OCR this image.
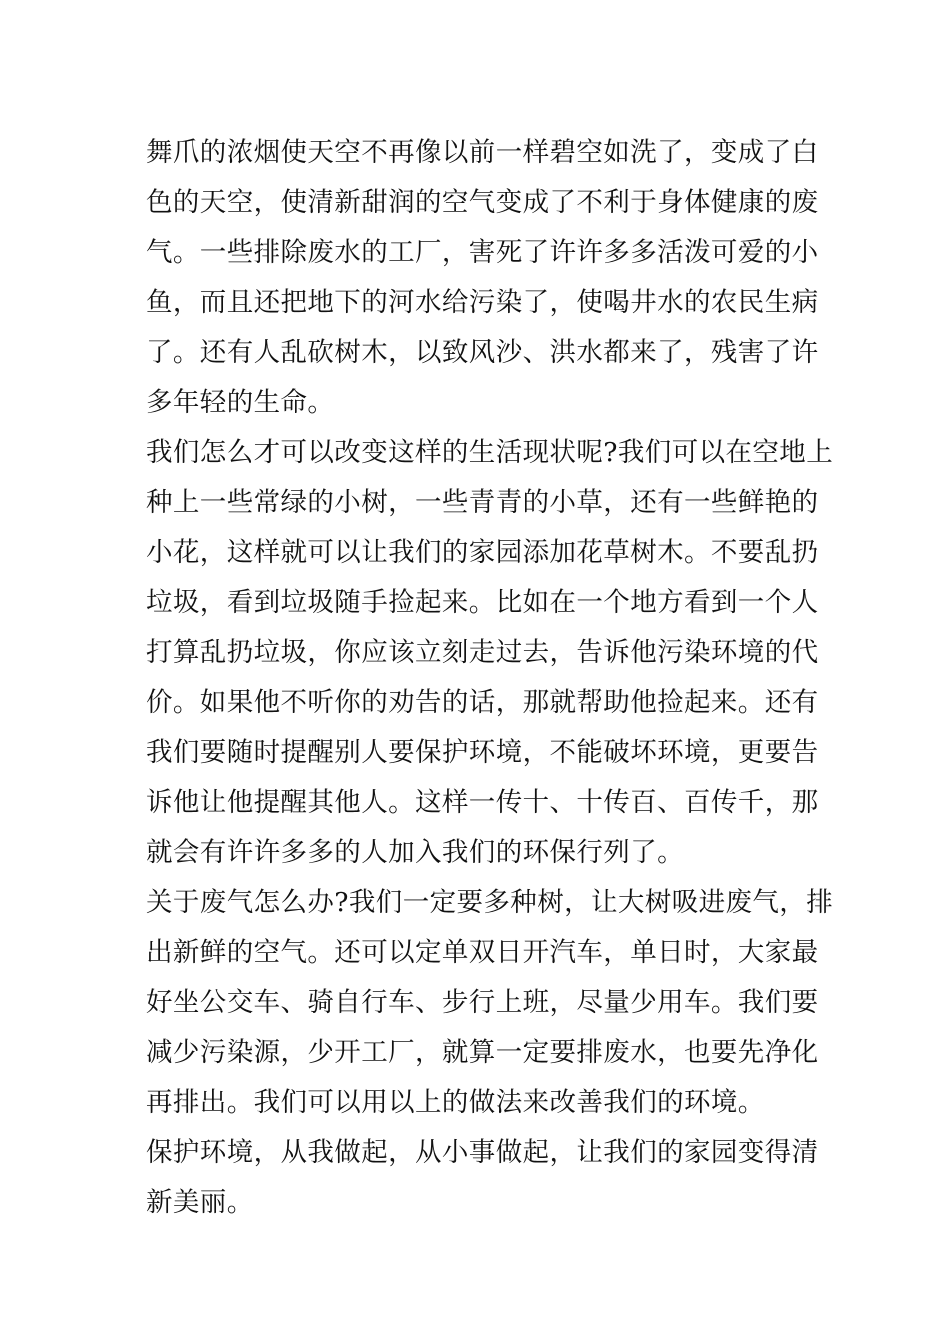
舞爪的浓烟使天空不再像以前一样碧空如洗了，变成了白
色的天空，使清新甜润的空气变成了不利于身体健康的废
气。一些排除废水的工厂，害死了许许多多活泼可爱的小
鱼，而且还把地下的河水给污染了，使喝井水的农民生病
了。还有人乱砍树木，以致风沙、洪水都来了，残害了许
多年轻的生命。
我们怎么才可以改变这样的生活现状呢?我们可以在空地上
种上一些常绿的小树，一些青青的小草，还有一些鲜艳的
小花，这样就可以让我们的家园添加花草树木。不要乱扔
垃圾，看到垃圾随手捡起来。比如在一个地方看到一个人
打算乱扔垃圾，你应该立刻走过去，告诉他污染环境的代
价。如果他不听你的劝告的话，那就帮助他捡起来。还有
我们要随时提醒别人要保护环境，不能破坏环境，更要告
诉他让他提醒其他人。这样一传十、十传百、百传千，那
就会有许许多多的人加入我们的环保行列了。
关于废气怎么办?我们一定要多种树，让大树吸进废气，排
出新鲜的空气。还可以定单双日开汽车，单日时，大家最
好坐公交车、骑自行车、步行上班，尽量少用车。我们要
减少污染源，少开工厂，就算一定要排废水，也要先净化
再排出。我们可以用以上的做法来改善我们的环境。
保护环境，从我做起，从小事做起，让我们的家园变得清
新美丽。
